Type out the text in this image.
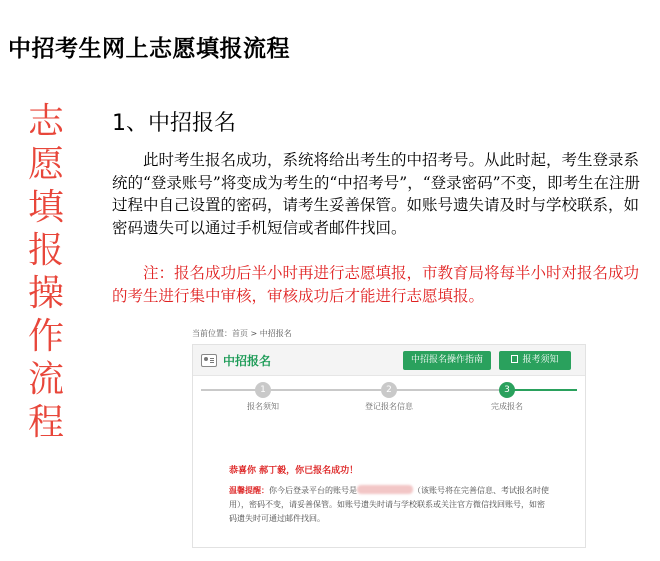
中招考生网上志愿填报流程
志
愿
填
报
操
作
流
程
1、中招报名

此时考生报名成功，系统将给出考生的中招考号。从此时起，考生登录系统的“登录账号”将变成为考生的“中招考号”，“登录密码”不变，即考生在注册过程中自己设置的密码，请考生妥善保管。如账号遗失请及时与学校联系，如密码遗失可以通过手机短信或者邮件找回。

注：报名成功后半小时再进行志愿填报，市教育局将每半小时对报名成功的考生进行集中审核，审核成功后才能进行志愿填报。

当前位置：首页 > 中招报名
中招报名	中招报名操作指南	报考须知
1	2	3
报名须知	登记报名信息	完成报名
恭喜你 郝丁毅，你已报名成功！
温馨提醒：你今后登录平台的账号是	（该账号将在完善信息、考试报名时使用），密码不变，请妥善保管。如账号遗失时请与学校联系或关注官方微信找回账号，如密码遗失时可通过邮件找回。
